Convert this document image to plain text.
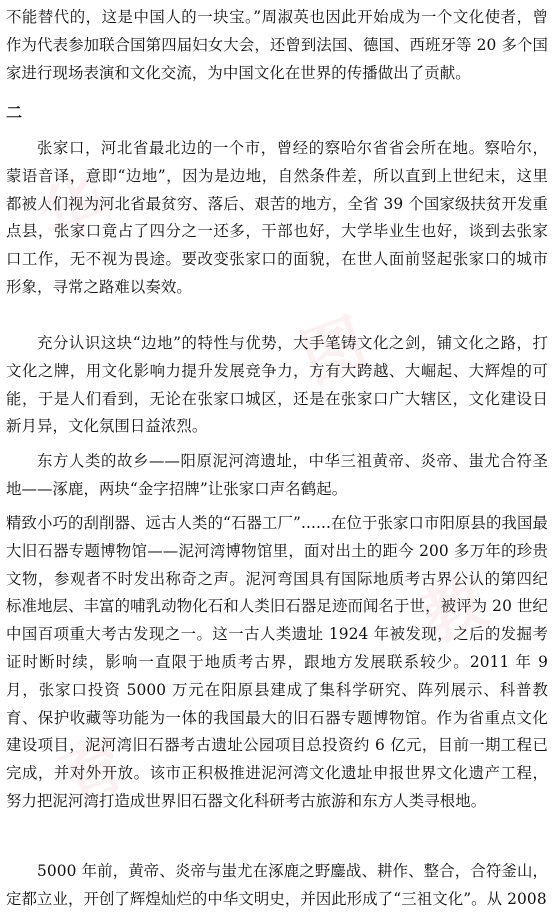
华
图
教
育

不能替代的，这是中国人的一块宝。”周淑英也因此开始成为一个文化使者，曾作为代表参加联合国第四届妇女大会，还曾到法国、德国、西班牙等 20 多个国家进行现场表演和文化交流，为中国文化在世界的传播做出了贡献。

二

张家口，河北省最北边的一个市，曾经的察哈尔省省会所在地。察哈尔，蒙语音译，意即“边地”，因为是边地，自然条件差，所以直到上世纪末，这里都被人们视为河北省最贫穷、落后、艰苦的地方，全省 39 个国家级扶贫开发重点县，张家口竟占了四分之一还多，干部也好，大学毕业生也好，谈到去张家口工作，无不视为畏途。要改变张家口的面貌，在世人面前竖起张家口的城市形象，寻常之路难以奏效。

充分认识这块“边地”的特性与优势，大手笔铸文化之剑，铺文化之路，打文化之牌，用文化影响力提升发展竞争力，方有大跨越、大崛起、大辉煌的可能，于是人们看到，无论在张家口城区，还是在张家口广大辖区，文化建设日新月异，文化氛围日益浓烈。

东方人类的故乡——阳原泥河湾遗址，中华三祖黄帝、炎帝、蚩尤合符圣地——涿鹿，两块“金字招牌”让张家口声名鹤起。

精致小巧的刮削器、远古人类的“石器工厂”......在位于张家口市阳原县的我国最大旧石器专题博物馆——泥河湾博物馆里，面对出土的距今 200 多万年的珍贵文物，参观者不时发出称奇之声。泥河弯国具有国际地质考古界公认的第四纪标准地层、丰富的哺乳动物化石和人类旧石器足迹而闻名于世，被评为 20 世纪中国百项重大考古发现之一。这一古人类遗址 1924 年被发现，之后的发掘考证时断时续，影响一直限于地质考古界，跟地方发展联系较少。2011 年 9 月，张家口投资 5000 万元在阳原县建成了集科学研究、阵列展示、科普教育、保护收藏等功能为一体的我国最大的旧石器专题博物馆。作为省重点文化建设项目，泥河湾旧石器考古遗址公园项目总投资约 6 亿元，目前一期工程已完成，并对外开放。该市正积极推进泥河湾文化遗址申报世界文化遗产工程，努力把泥河湾打造成世界旧石器文化科研考古旅游和东方人类寻根地。

5000 年前，黄帝、炎帝与蚩尤在涿鹿之野鏖战、耕作、整合，合符釜山，定都立业，开创了辉煌灿烂的中华文明史，并因此形成了“三祖文化”。从 2008
